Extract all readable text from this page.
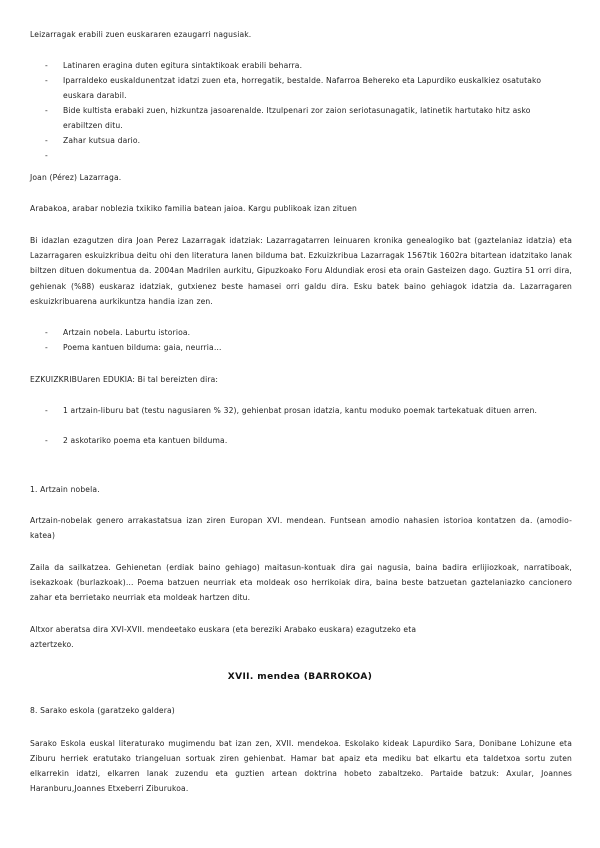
Leizarragak erabili zuen euskararen ezaugarri nagusiak.

- Latinaren eragina duten egitura sintaktikoak erabili beharra.
- Iparraldeko euskaldunentzat idatzi zuen eta, horregatik, bestalde. Nafarroa Behereko eta Lapurdiko euskalkiez osatutako euskara darabil.
- Bide kultista erabaki zuen, hizkuntza jasoarenalde. Itzulpenari zor zaion seriotasunagatik, latinetik hartutako hitz asko erabiltzen ditu.
- Zahar kutsua dario.
-

Joan (Pérez) Lazarraga.

Arabakoa, arabar noblezia txikiko familia batean jaioa. Kargu publikoak izan zituen

Bi idazlan ezagutzen dira Joan Perez Lazarragak idatziak: Lazarragatarren leinuaren kronika genealogiko bat (gaztelaniaz idatzia) eta Lazarragaren eskuizkribua deitu ohi den literatura lanen bilduma bat. Ezkuizkribua Lazarragak 1567tik 1602ra bitartean idatzitako lanak biltzen dituen dokumentua da. 2004an Madrilen aurkitu, Gipuzkoako Foru Aldundiak erosi eta orain Gasteizen dago. Guztira 51 orri dira, gehienak (%88) euskaraz idatziak, gutxienez beste hamasei orri galdu dira. Esku batek baino gehiagok idatzia da. Lazarragaren eskuizkribuarena aurkikuntza handia izan zen.

- Artzain nobela. Laburtu istorioa.
- Poema kantuen bilduma: gaia, neurria…

EZKUIZKRIBUaren EDUKIA: Bi tal bereizten dira:

- 1 artzain-liburu bat (testu nagusiaren % 32), gehienbat prosan idatzia, kantu moduko poemak tartekatuak dituen arren.
- 2 askotariko poema eta kantuen bilduma.

1. Artzain nobela.

Artzain-nobelak genero arrakastatsua izan ziren Europan XVI. mendean. Funtsean amodio nahasien istorioa kontatzen da. (amodio-katea)

Zaila da sailkatzea. Gehienetan (erdiak baino gehiago) maitasun-kontuak dira gai nagusia, baina badira erlijiozkoak, narratiboak, isekazkoak (burlazkoak)… Poema batzuen neurriak eta moldeak oso herrikoiak dira, baina beste batzuetan gaztelaniazko cancionero zahar eta berrietako neurriak eta moldeak hartzen ditu.

Altxor aberatsa dira XVI-XVII. mendeetako euskara (eta bereziki Arabako euskara) ezagutzeko eta

aztertzeko.

XVII. mendea (BARROKOA)

8. Sarako eskola (garatzeko galdera)

Sarako Eskola euskal literaturako mugimendu bat izan zen, XVII. mendekoa. Eskolako kideak Lapurdiko Sara, Donibane Lohizune eta Ziburu herriek eratutako triangeluan sortuak ziren gehienbat. Hamar bat apaiz eta mediku bat elkartu eta taldetxoa sortu zuten elkarrekin idatzi, elkarren lanak zuzendu eta guztien artean doktrina hobeto zabaltzeko. Partaide batzuk: Axular, Joannes Haranburu,Joannes Etxeberri Ziburukoa.
